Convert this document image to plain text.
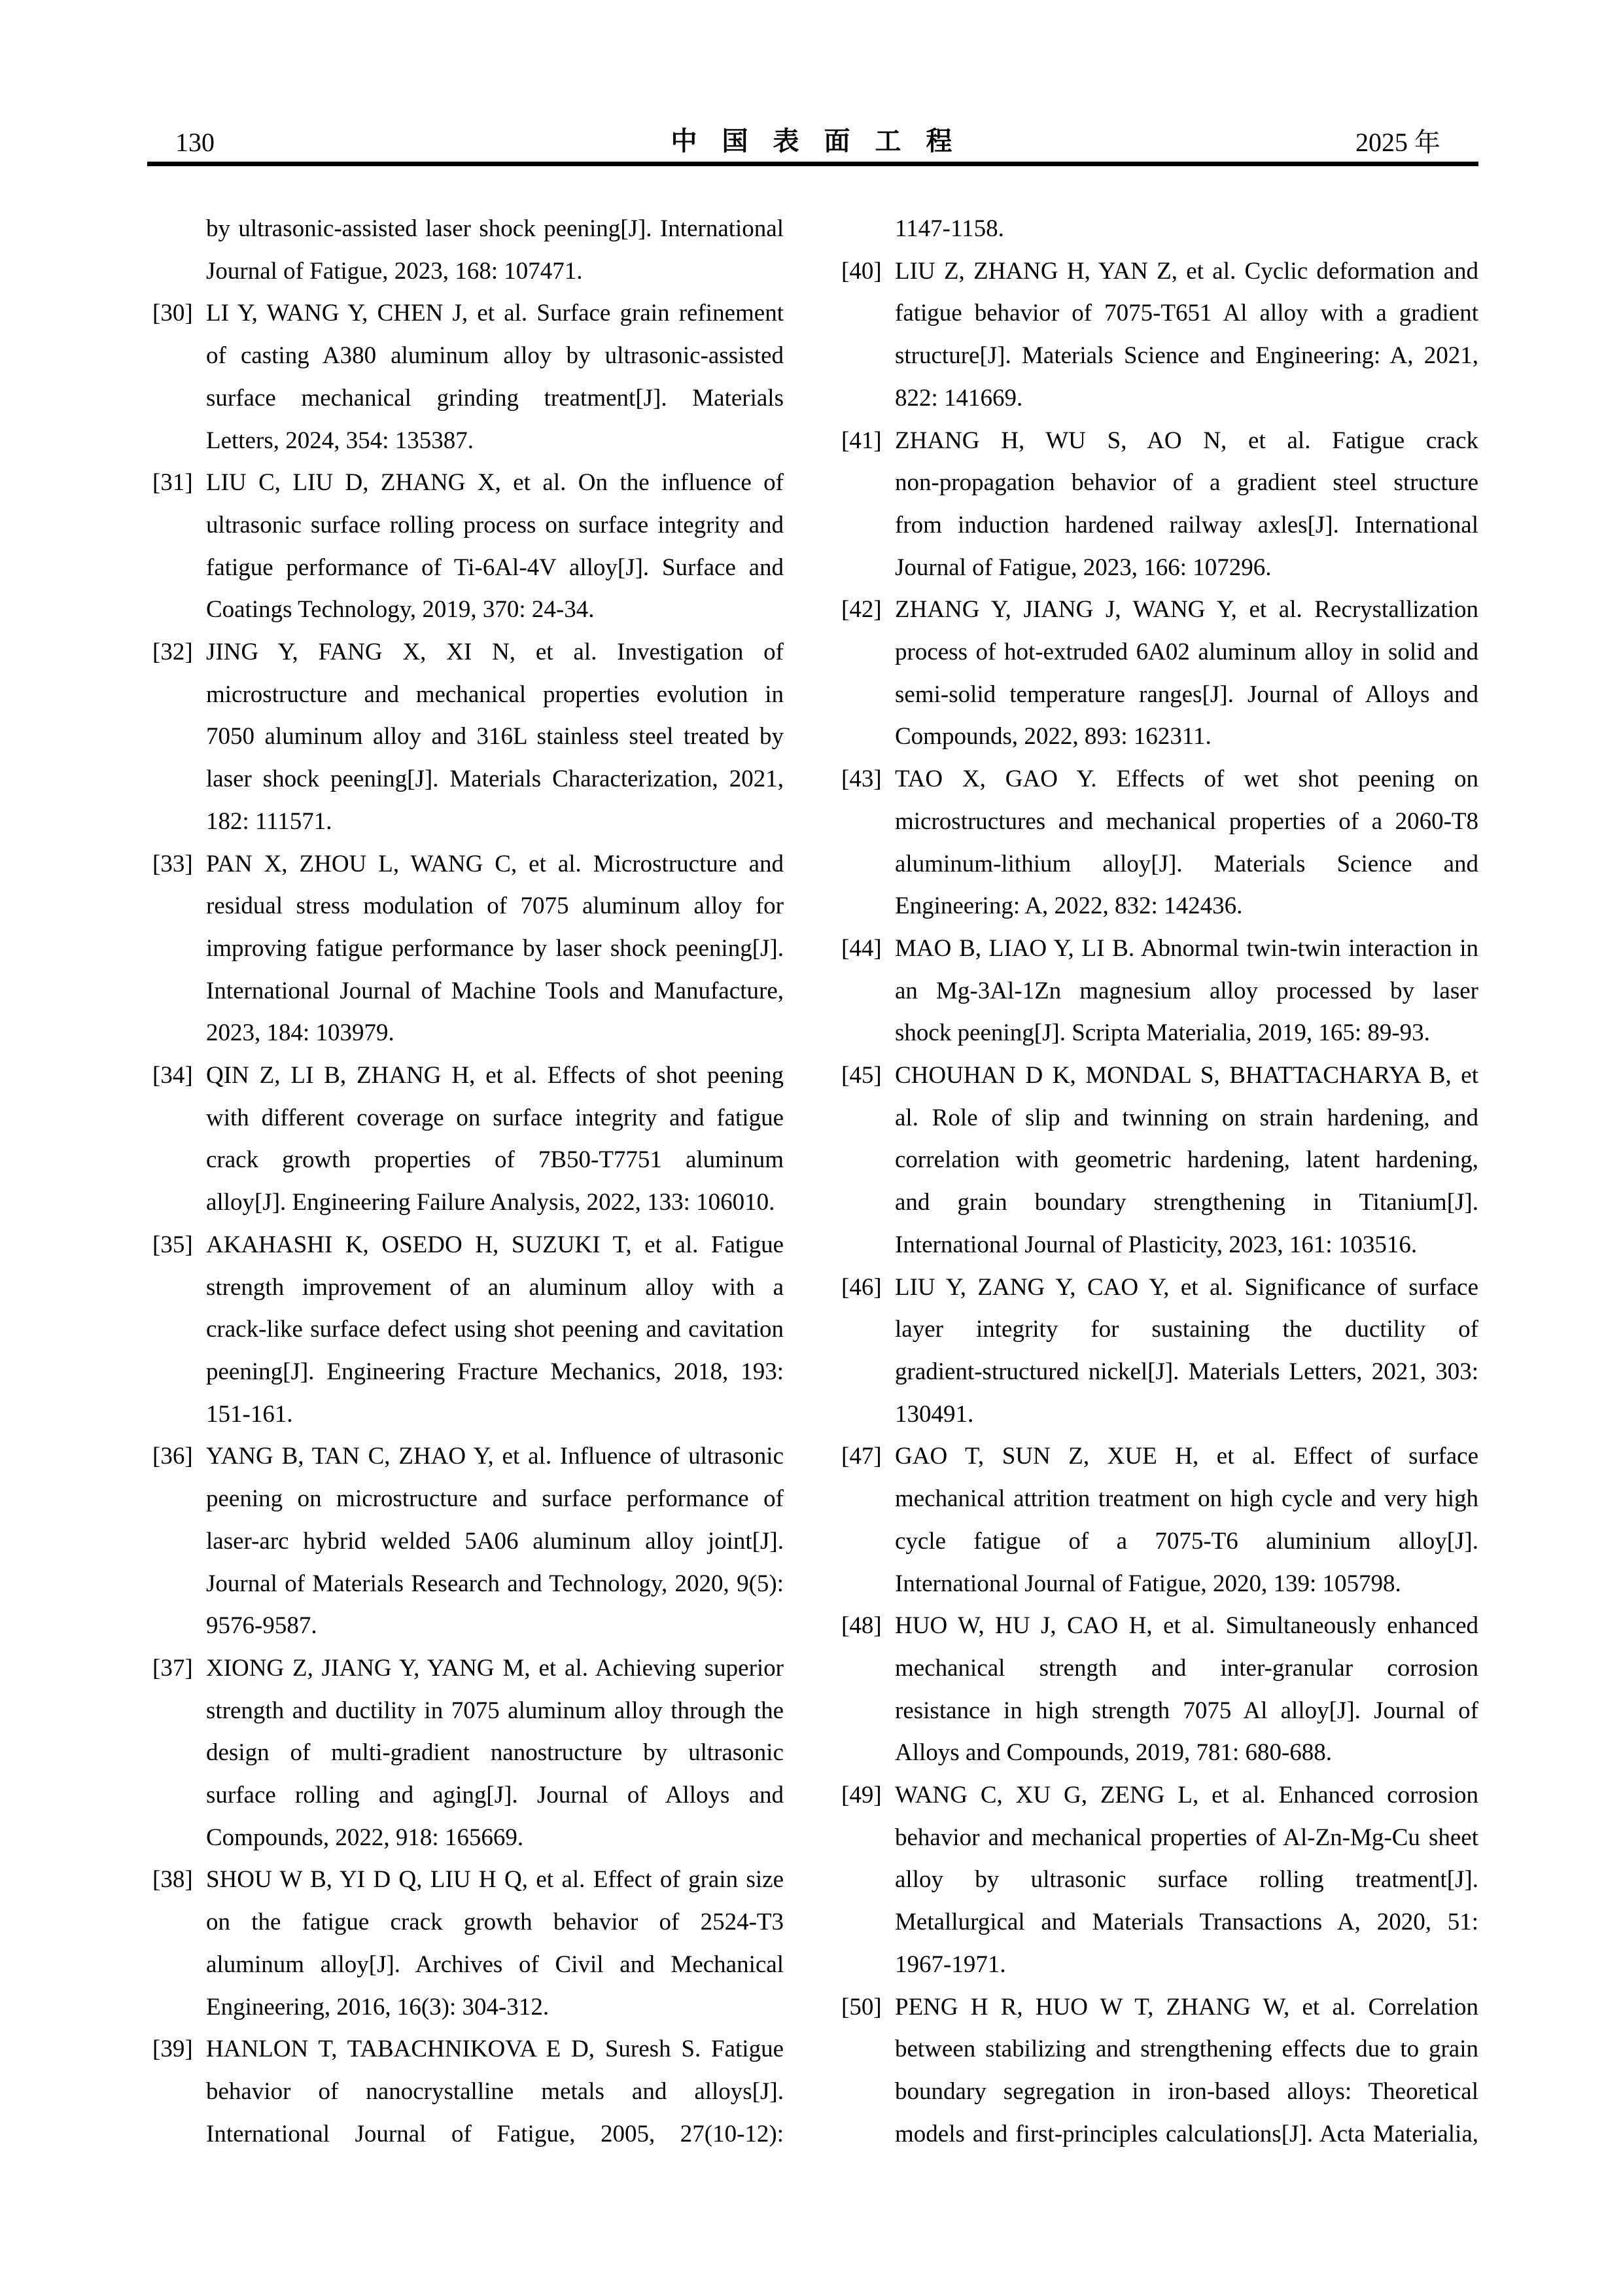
130	中国表面工程	2025 年
by ultrasonic-assisted laser shock peening[J]. International
Journal of Fatigue, 2023, 168: 107471.
[30] LI Y, WANG Y, CHEN J, et al. Surface grain refinement
of casting A380 aluminum alloy by ultrasonic-assisted
surface mechanical grinding treatment[J]. Materials
Letters, 2024, 354: 135387.
[31] LIU C, LIU D, ZHANG X, et al. On the influence of
ultrasonic surface rolling process on surface integrity and
fatigue performance of Ti-6Al-4V alloy[J]. Surface and
Coatings Technology, 2019, 370: 24-34.
[32] JING Y, FANG X, XI N, et al. Investigation of
microstructure and mechanical properties evolution in
7050 aluminum alloy and 316L stainless steel treated by
laser shock peening[J]. Materials Characterization, 2021,
182: 111571.
[33] PAN X, ZHOU L, WANG C, et al. Microstructure and
residual stress modulation of 7075 aluminum alloy for
improving fatigue performance by laser shock peening[J].
International Journal of Machine Tools and Manufacture,
2023, 184: 103979.
[34] QIN Z, LI B, ZHANG H, et al. Effects of shot peening
with different coverage on surface integrity and fatigue
crack growth properties of 7B50-T7751 aluminum
alloy[J]. Engineering Failure Analysis, 2022, 133: 106010.
[35] AKAHASHI K, OSEDO H, SUZUKI T, et al. Fatigue
strength improvement of an aluminum alloy with a
crack-like surface defect using shot peening and cavitation
peening[J]. Engineering Fracture Mechanics, 2018, 193:
151-161.
[36] YANG B, TAN C, ZHAO Y, et al. Influence of ultrasonic
peening on microstructure and surface performance of
laser-arc hybrid welded 5A06 aluminum alloy joint[J].
Journal of Materials Research and Technology, 2020, 9(5):
9576-9587.
[37] XIONG Z, JIANG Y, YANG M, et al. Achieving superior
strength and ductility in 7075 aluminum alloy through the
design of multi-gradient nanostructure by ultrasonic
surface rolling and aging[J]. Journal of Alloys and
Compounds, 2022, 918: 165669.
[38] SHOU W B, YI D Q, LIU H Q, et al. Effect of grain size
on the fatigue crack growth behavior of 2524-T3
aluminum alloy[J]. Archives of Civil and Mechanical
Engineering, 2016, 16(3): 304-312.
[39] HANLON T, TABACHNIKOVA E D, Suresh S. Fatigue
behavior of nanocrystalline metals and alloys[J].
International Journal of Fatigue, 2005, 27(10-12):
1147-1158.
[40] LIU Z, ZHANG H, YAN Z, et al. Cyclic deformation and
fatigue behavior of 7075-T651 Al alloy with a gradient
structure[J]. Materials Science and Engineering: A, 2021,
822: 141669.
[41] ZHANG H, WU S, AO N, et al. Fatigue crack
non-propagation behavior of a gradient steel structure
from induction hardened railway axles[J]. International
Journal of Fatigue, 2023, 166: 107296.
[42] ZHANG Y, JIANG J, WANG Y, et al. Recrystallization
process of hot-extruded 6A02 aluminum alloy in solid and
semi-solid temperature ranges[J]. Journal of Alloys and
Compounds, 2022, 893: 162311.
[43] TAO X, GAO Y. Effects of wet shot peening on
microstructures and mechanical properties of a 2060-T8
aluminum-lithium alloy[J]. Materials Science and
Engineering: A, 2022, 832: 142436.
[44] MAO B, LIAO Y, LI B. Abnormal twin-twin interaction in
an Mg-3Al-1Zn magnesium alloy processed by laser
shock peening[J]. Scripta Materialia, 2019, 165: 89-93.
[45] CHOUHAN D K, MONDAL S, BHATTACHARYA B, et
al. Role of slip and twinning on strain hardening, and
correlation with geometric hardening, latent hardening,
and grain boundary strengthening in Titanium[J].
International Journal of Plasticity, 2023, 161: 103516.
[46] LIU Y, ZANG Y, CAO Y, et al. Significance of surface
layer integrity for sustaining the ductility of
gradient-structured nickel[J]. Materials Letters, 2021, 303:
130491.
[47] GAO T, SUN Z, XUE H, et al. Effect of surface
mechanical attrition treatment on high cycle and very high
cycle fatigue of a 7075-T6 aluminium alloy[J].
International Journal of Fatigue, 2020, 139: 105798.
[48] HUO W, HU J, CAO H, et al. Simultaneously enhanced
mechanical strength and inter-granular corrosion
resistance in high strength 7075 Al alloy[J]. Journal of
Alloys and Compounds, 2019, 781: 680-688.
[49] WANG C, XU G, ZENG L, et al. Enhanced corrosion
behavior and mechanical properties of Al-Zn-Mg-Cu sheet
alloy by ultrasonic surface rolling treatment[J].
Metallurgical and Materials Transactions A, 2020, 51:
1967-1971.
[50] PENG H R, HUO W T, ZHANG W, et al. Correlation
between stabilizing and strengthening effects due to grain
boundary segregation in iron-based alloys: Theoretical
models and first-principles calculations[J]. Acta Materialia,
